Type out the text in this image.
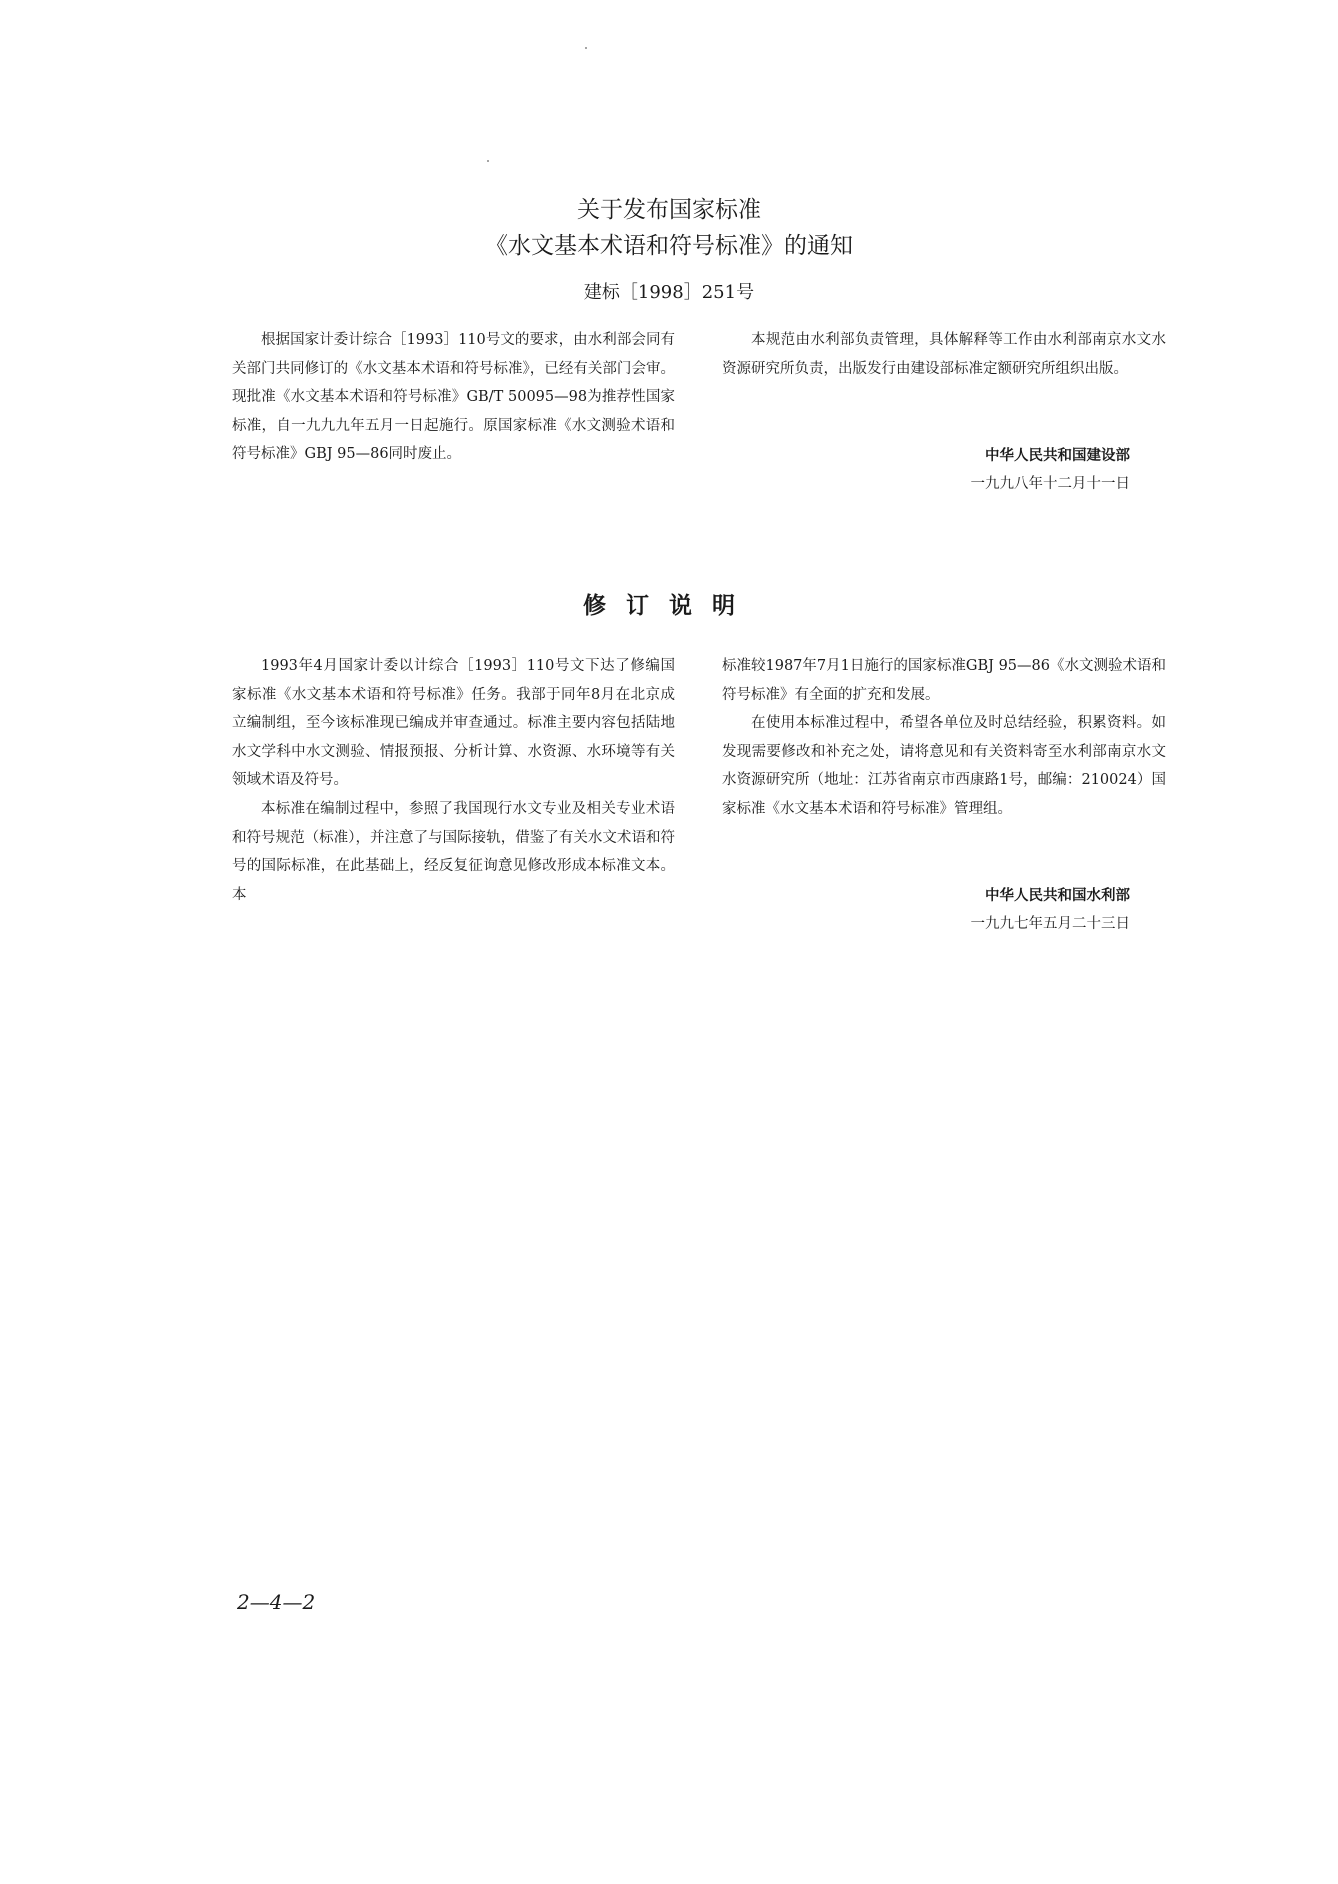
关于发布国家标准
《水文基本术语和符号标准》的通知
建标［1998］251号

根据国家计委计综合［1993］110号文的要求，由水利部会同有关部门共同修订的《水文基本术语和符号标准》，已经有关部门会审。现批准《水文基本术语和符号标准》GB/T 50095—98为推荐性国家标准，自一九九九年五月一日起施行。原国家标准《水文测验术语和符号标准》GBJ 95—86同时废止。

本规范由水利部负责管理，具体解释等工作由水利部南京水文水资源研究所负责，出版发行由建设部标准定额研究所组织出版。

中华人民共和国建设部
一九九八年十二月十一日
修订说明

1993年4月国家计委以计综合［1993］110号文下达了修编国家标准《水文基本术语和符号标准》任务。我部于同年8月在北京成立编制组，至今该标准现已编成并审查通过。标准主要内容包括陆地水文学科中水文测验、情报预报、分析计算、水资源、水环境等有关领域术语及符号。

本标准在编制过程中，参照了我国现行水文专业及相关专业术语和符号规范（标准），并注意了与国际接轨，借鉴了有关水文术语和符号的国际标准，在此基础上，经反复征询意见修改形成本标准文本。本

标准较1987年7月1日施行的国家标准GBJ 95—86《水文测验术语和符号标准》有全面的扩充和发展。

在使用本标准过程中，希望各单位及时总结经验，积累资料。如发现需要修改和补充之处，请将意见和有关资料寄至水利部南京水文水资源研究所（地址：江苏省南京市西康路1号，邮编：210024）国家标准《水文基本术语和符号标准》管理组。

中华人民共和国水利部
一九九七年五月二十三日
2—4—2
